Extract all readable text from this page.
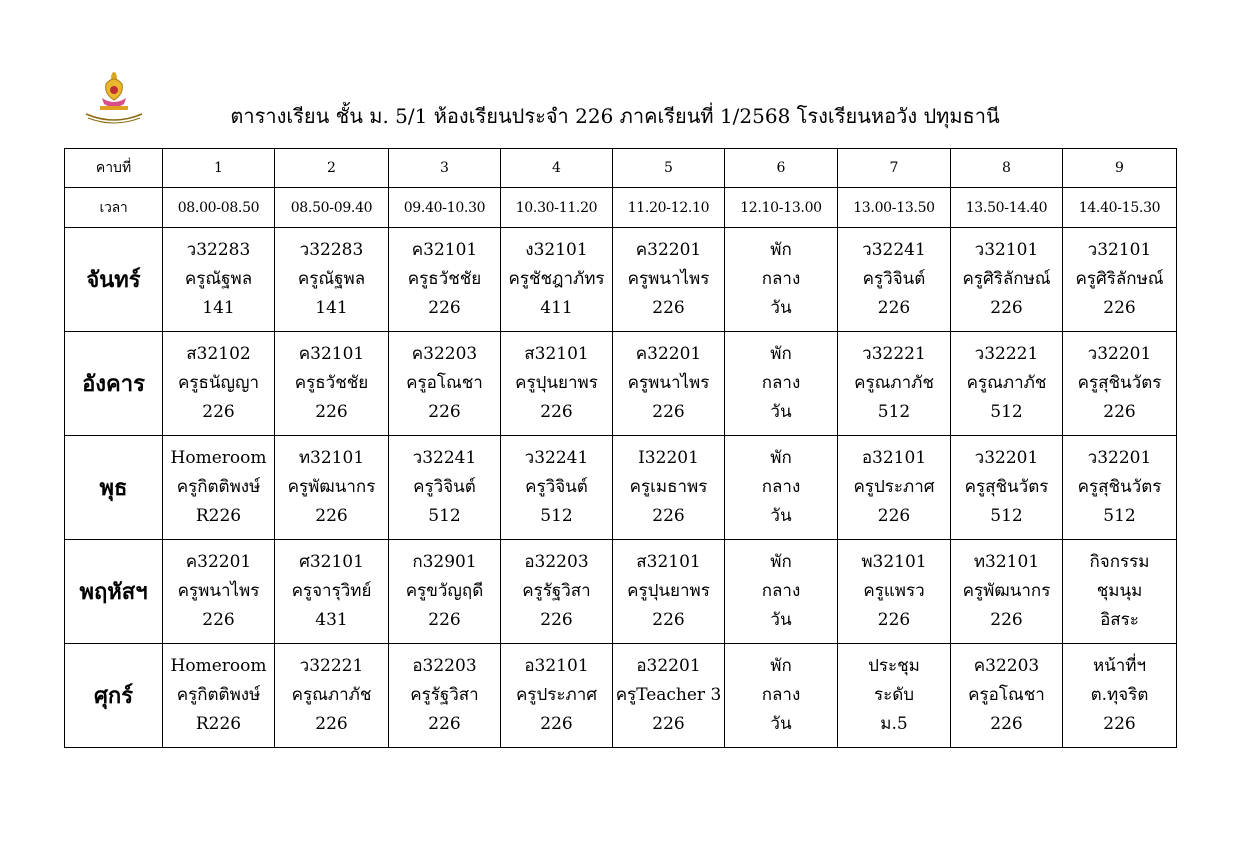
ตารางเรียน ชั้น ม. 5/1 ห้องเรียนประจำ 226 ภาคเรียนที่ 1/2568 โรงเรียนหอวัง ปทุมธานี
คาบที่	1	2	3	4	5	6	7	8	9
เวลา	08.00-08.50	08.50-09.40	09.40-10.30	10.30-11.20	11.20-12.10	12.10-13.00	13.00-13.50	13.50-14.40	14.40-15.30
จันทร์	ว32283
ครูณัฐพล
141	ว32283
ครูณัฐพล
141	ค32101
ครูธวัชชัย
226	ง32101
ครูชัชฎาภัทร
411	ค32201
ครูพนาไพร
226	พัก
กลาง
วัน	ว32241
ครูวิจินต์
226	ว32101
ครูศิริลักษณ์
226	ว32101
ครูศิริลักษณ์
226

อังคาร	ส32102
ครูธนัญญา
226	ค32101
ครูธวัชชัย
226	ค32203
ครูอโณชา
226	ส32101
ครูปุนยาพร
226	ค32201
ครูพนาไพร
226	พัก
กลาง
วัน	ว32221
ครูณภาภัช
512	ว32221
ครูณภาภัช
512	ว32201
ครูสุชินวัตร
226

พุธ	Homeroom
ครูกิตติพงษ์
R226	ท32101
ครูพัฒนากร
226	ว32241
ครูวิจินต์
512	ว32241
ครูวิจินต์
512	I32201
ครูเมธาพร
226	พัก
กลาง
วัน	อ32101
ครูประภาศ
226	ว32201
ครูสุชินวัตร
512	ว32201
ครูสุชินวัตร
512

พฤหัสฯ	ค32201
ครูพนาไพร
226	ศ32101
ครูจารุวิทย์
431	ก32901
ครูขวัญฤดี
226	อ32203
ครูรัฐวิสา
226	ส32101
ครูปุนยาพร
226	พัก
กลาง
วัน	พ32101
ครูแพรว
226	ท32101
ครูพัฒนากร
226	กิจกรรม
ชุมนุม
อิสระ

ศุกร์	Homeroom
ครูกิตติพงษ์
R226	ว32221
ครูณภาภัช
226	อ32203
ครูรัฐวิสา
226	อ32101
ครูประภาศ
226	อ32201
ครูTeacher 3
226	พัก
กลาง
วัน	ประชุม
ระดับ
ม.5	ค32203
ครูอโณชา
226	หน้าที่ฯ
ต.ทุจริต
226
